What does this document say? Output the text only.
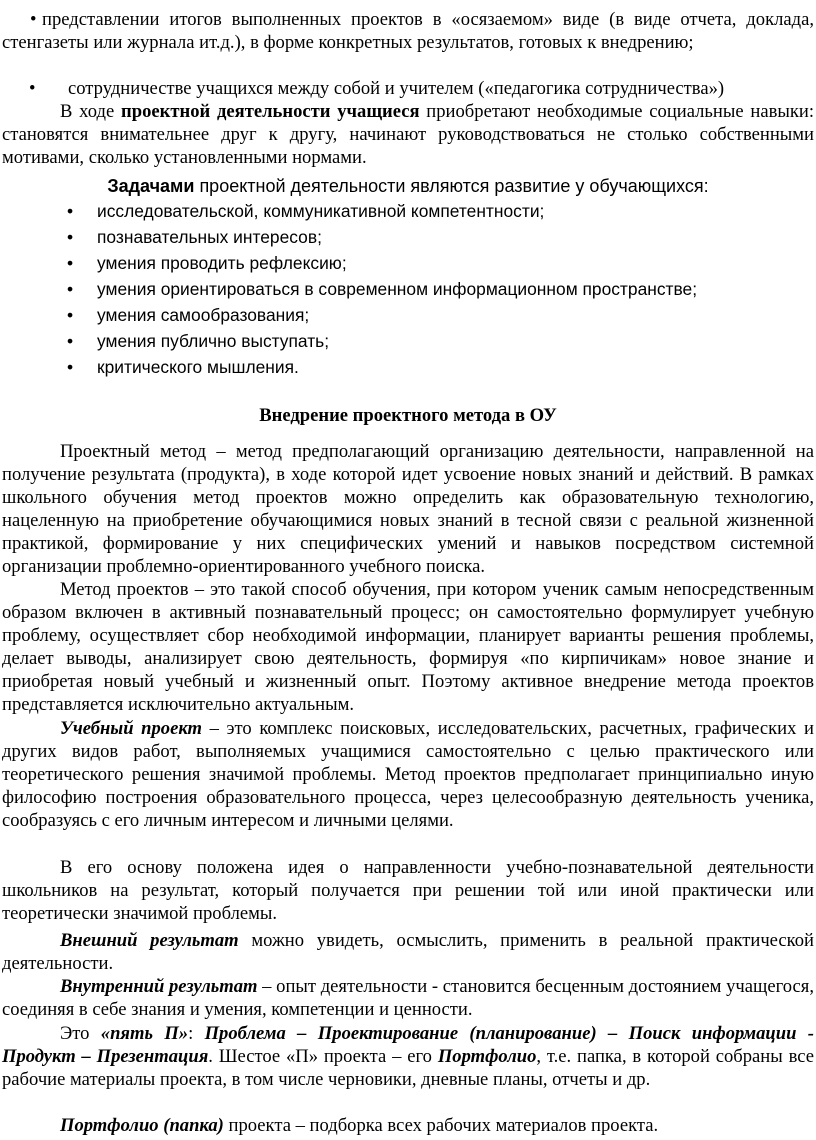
• представлении итогов выполненных проектов в «осязаемом» виде (в виде отчета, доклада, стенгазеты или журнала ит.д.), в форме конкретных результатов, готовых к внедрению;
• сотрудничестве учащихся между собой и учителем («педагогика сотрудничества»)
В ходе проектной деятельности учащиеся приобретают необходимые социальные навыки: становятся внимательнее друг к другу, начинают руководствоваться не столько собственными мотивами, сколько установленными нормами.
Задачами проектной деятельности являются развитие у обучающихся:
• исследовательской, коммуникативной компетентности;
• познавательных интересов;
• умения проводить рефлексию;
• умения ориентироваться в современном информационном пространстве;
• умения самообразования;
• умения публично выступать;
• критического мышления.
Внедрение проектного метода в ОУ
Проектный метод – метод предполагающий организацию деятельности, направленной на получение результата (продукта), в ходе которой идет усвоение новых знаний и действий. В рамках школьного обучения метод проектов можно определить как образовательную технологию, нацеленную на приобретение обучающимися новых знаний в тесной связи с реальной жизненной практикой, формирование у них специфических умений и навыков посредством системной организации проблемно-ориентированного учебного поиска.
Метод проектов – это такой способ обучения, при котором ученик самым непосредственным образом включен в активный познавательный процесс; он самостоятельно формулирует учебную проблему, осуществляет сбор необходимой информации, планирует варианты решения проблемы, делает выводы, анализирует свою деятельность, формируя «по кирпичикам» новое знание и приобретая новый учебный и жизненный опыт. Поэтому активное внедрение метода проектов представляется исключительно актуальным.
Учебный проект – это комплекс поисковых, исследовательских, расчетных, графических и других видов работ, выполняемых учащимися самостоятельно с целью практического или теоретического решения значимой проблемы. Метод проектов предполагает принципиально иную философию построения образовательного процесса, через целесообразную деятельность ученика, сообразуясь с его личным интересом и личными целями.
В его основу положена идея о направленности учебно-познавательной деятельности школьников на результат, который получается при решении той или иной практически или теоретически значимой проблемы.
Внешний результат можно увидеть, осмыслить, применить в реальной практической деятельности.
Внутренний результат – опыт деятельности - становится бесценным достоянием учащегося, соединяя в себе знания и умения, компетенции и ценности.
Это «пять П»: Проблема – Проектирование (планирование) – Поиск информации - Продукт – Презентация. Шестое «П» проекта – его Портфолио, т.е. папка, в которой собраны все рабочие материалы проекта, в том числе черновики, дневные планы, отчеты и др.
Портфолио (папка) проекта – подборка всех рабочих материалов проекта.
